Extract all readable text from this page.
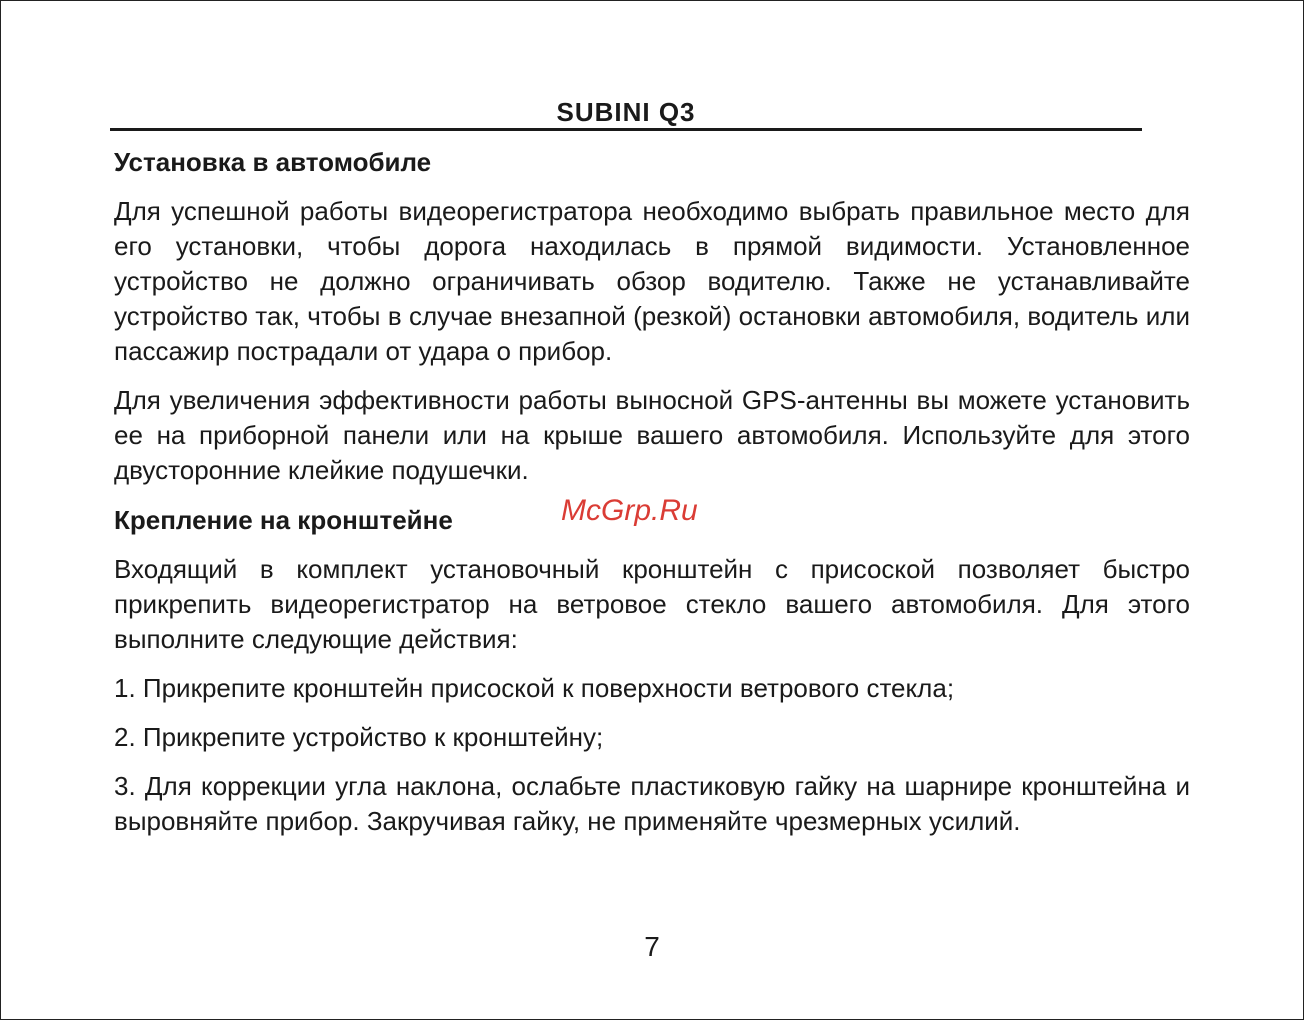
SUBINI Q3
Установка в автомобиле

Для успешной работы видеорегистратора необходимо выбрать правильное место для его установки, чтобы дорога находилась в прямой видимости. Установленное устройство не должно ограничивать обзор водителю. Также не устанавливайте устройство так, чтобы в случае внезапной (резкой) остановки автомобиля, водитель или пассажир пострадали от удара о прибор.

Для увеличения эффективности работы выносной GPS-антенны вы можете установить ее на приборной панели или на крыше вашего автомобиля. Используйте для этого двусторонние клейкие подушечки.

Крепление на кронштейне

Входящий в комплект установочный кронштейн с присоской позволяет быстро прикрепить видеорегистратор на ветровое стекло вашего автомобиля. Для этого выполните следующие действия:

1. Прикрепите кронштейн присоской к поверхности ветрового стекла;

2. Прикрепите устройство к кронштейну;

3. Для коррекции угла наклона, ослабьте пластиковую гайку на шарнире кронштейна и выровняйте прибор. Закручивая гайку, не применяйте чрезмерных усилий.

McGrp.Ru
7
